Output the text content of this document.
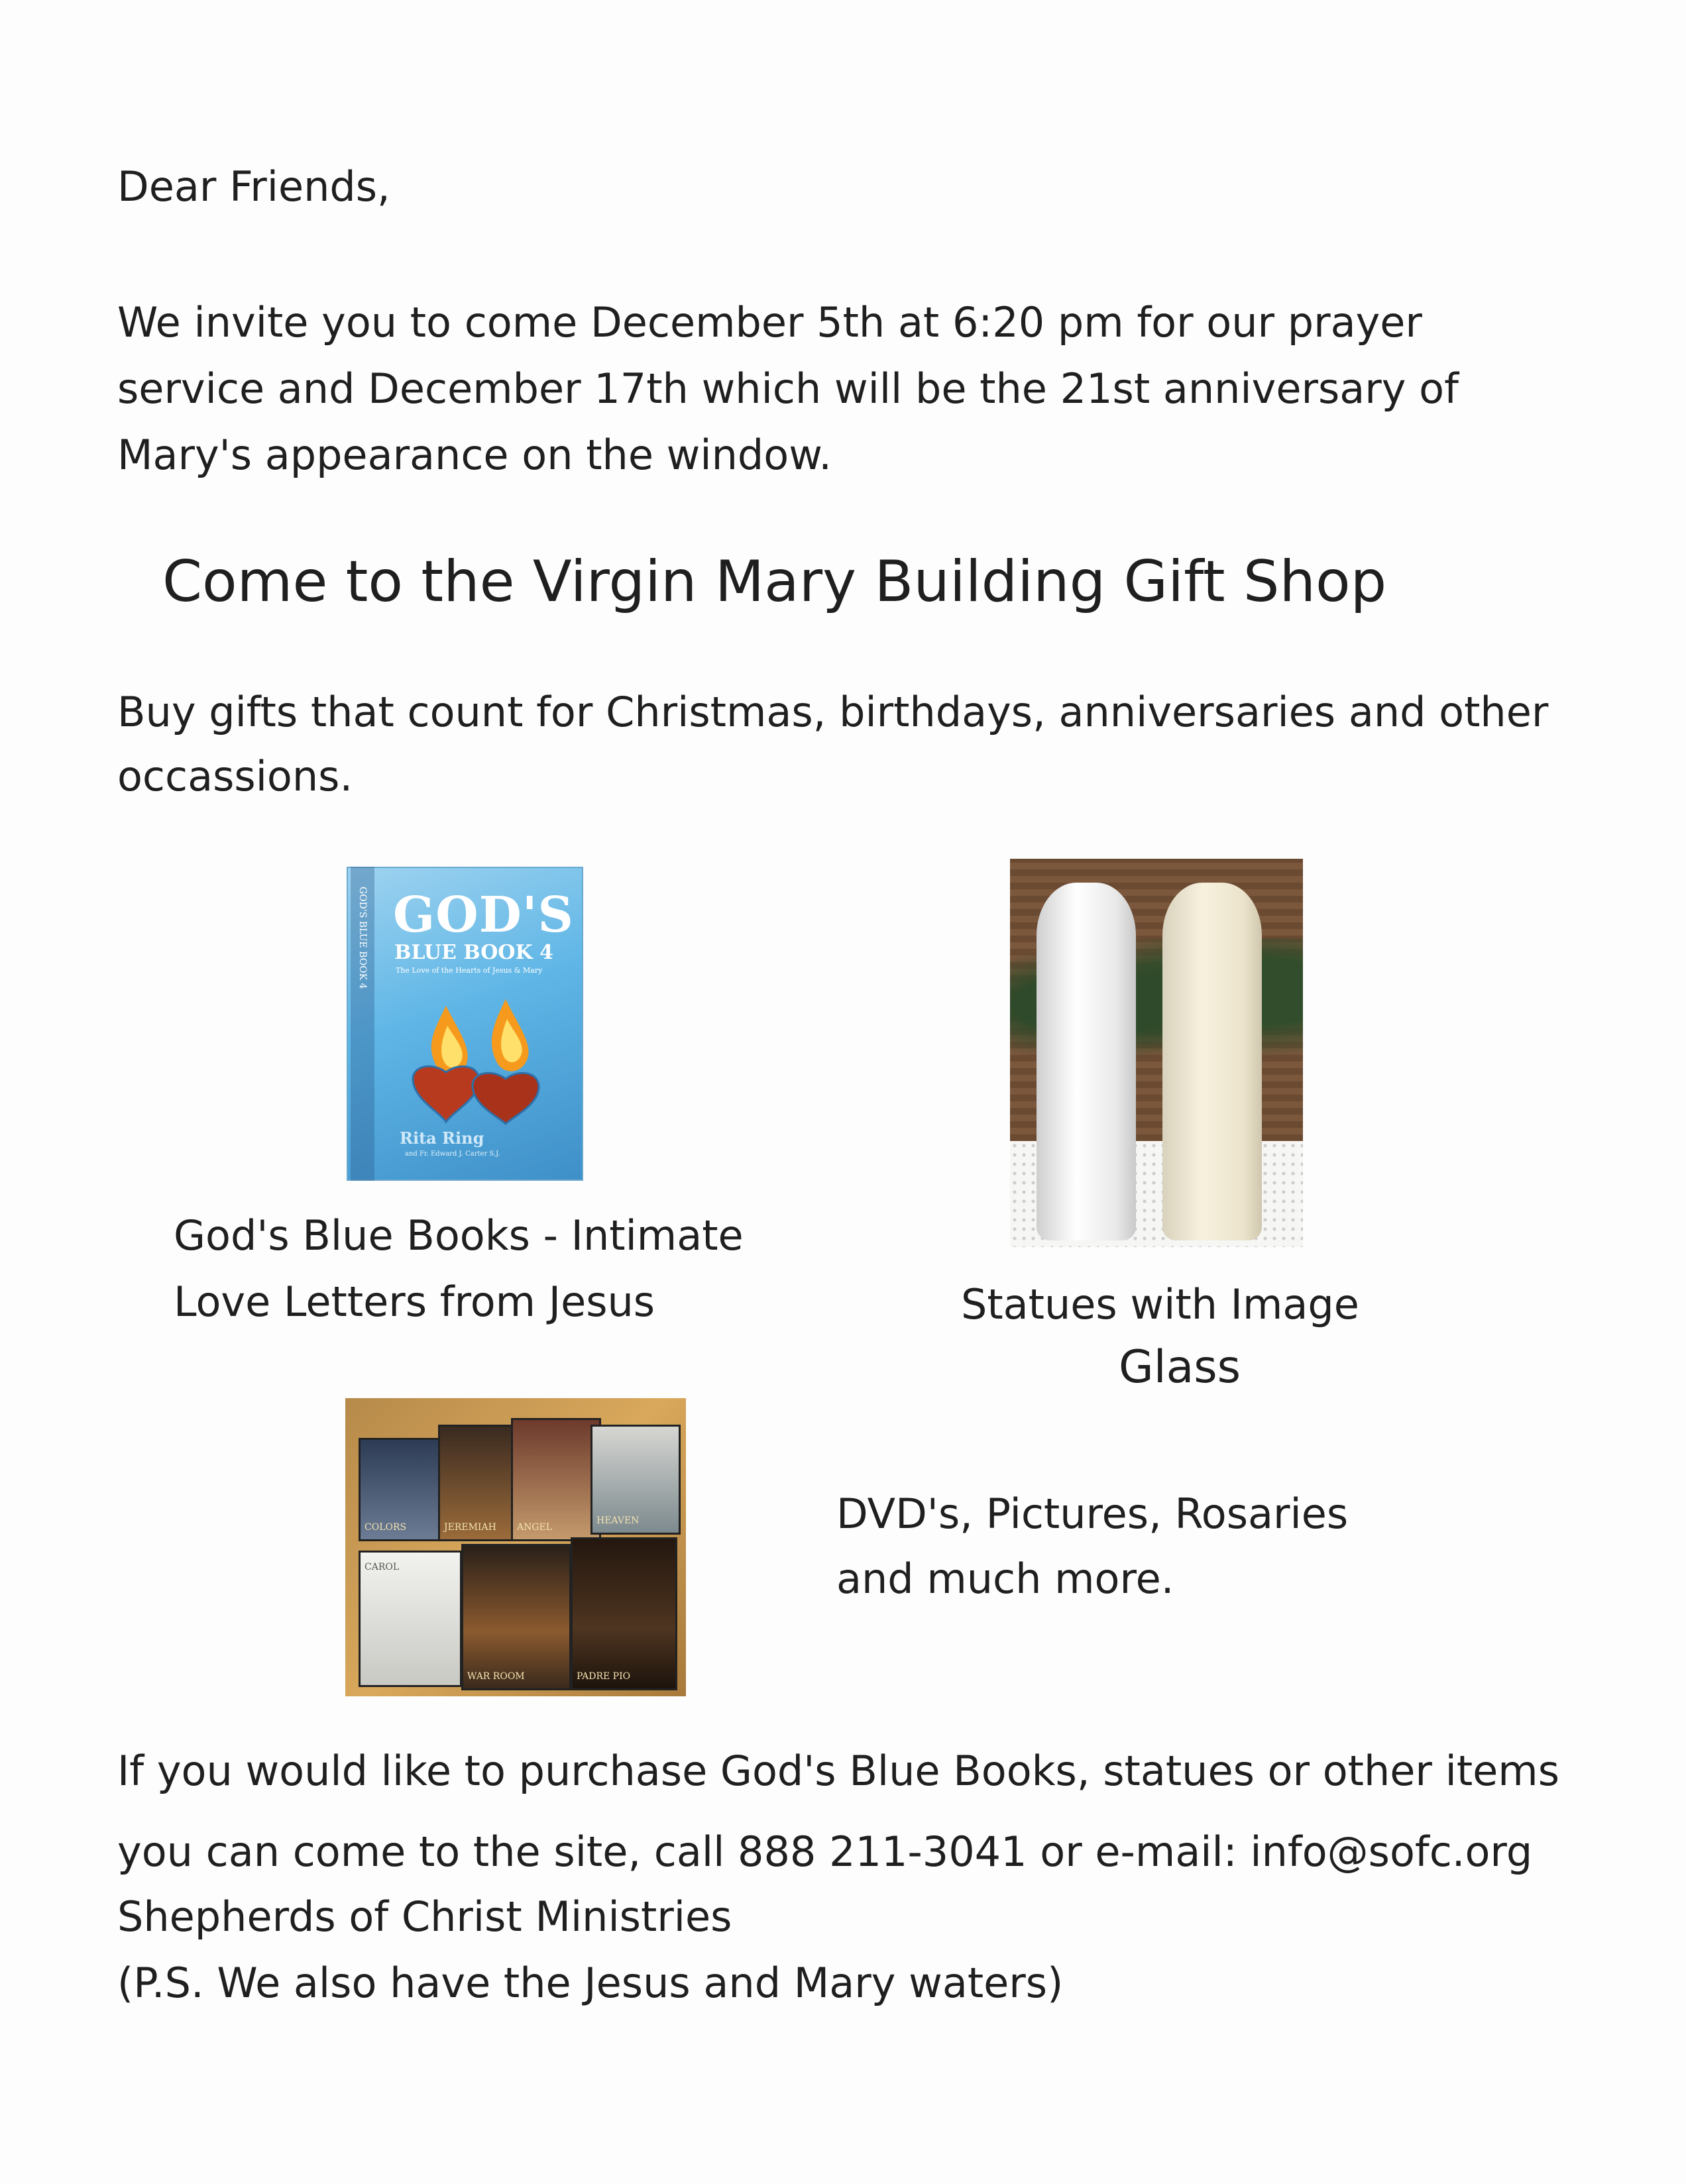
Dear Friends,

We invite you to come December 5th at 6:20 pm for our prayer

service and December 17th which will be the 21st anniversary of

Mary's appearance on the window.

Come to the Virgin Mary Building Gift Shop

Buy gifts that count for Christmas, birthdays, anniversaries and other

occassions.

GOD'S BLUE BOOK 4 GOD'S
BLUE BOOK 4
The Love of the Hearts of Jesus & Mary
Rita Ring
and Fr. Edward J. Carter S.J.

God's Blue Books - Intimate

Love Letters from Jesus	Statues with Image

Glass

COLORS	JEREMIAH ANGEL
HEAVEN
CAROL
WAR ROOM	PADRE PIO

DVD's, Pictures, Rosaries

and much more.

If you would like to purchase God's Blue Books, statues or other items

you can come to the site, call 888 211-3041 or e-mail: info@sofc.org

Shepherds of Christ Ministries

(P.S. We also have the Jesus and Mary waters)
